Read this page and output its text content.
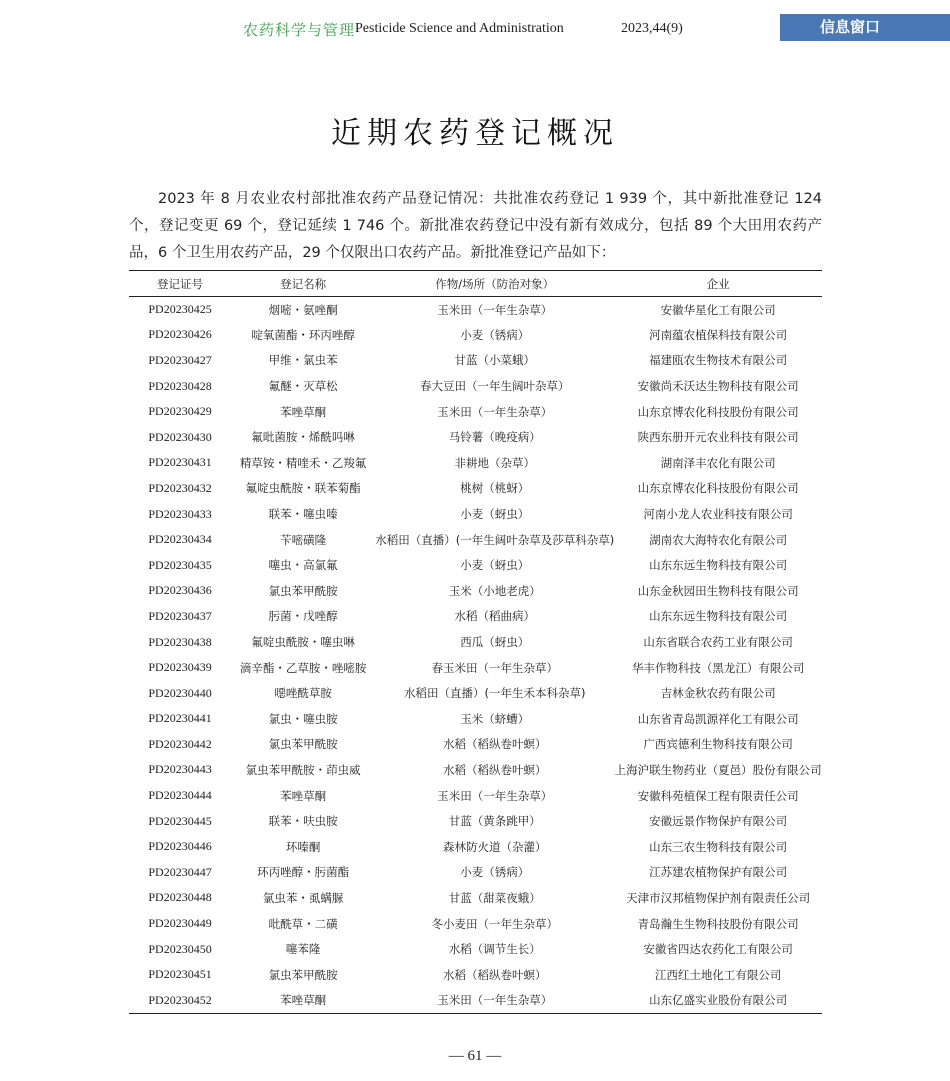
农药科学与管理 Pesticide Science and Administration	2023,44(9)	信息窗口
近期农药登记概况

2023 年 8 月农业农村部批准农药产品登记情况：共批准农药登记 1 939 个，其中新批准登记 124 个，登记变更 69 个，登记延续 1 746 个。新批准农药登记中没有新有效成分，包括 89 个大田用农药产品，6 个卫生用农药产品，29 个仅限出口农药产品。新批准登记产品如下：

登记证号	登记名称	作物/场所（防治对象）	企业
PD20230425	烟嘧・氨唑酮	玉米田（一年生杂草）	安徽华星化工有限公司
PD20230426	啶氧菌酯・环丙唑醇	小麦（锈病）	河南蕴农植保科技有限公司
PD20230427	甲维・氯虫苯	甘蓝（小菜蛾）	福建瓯农生物技术有限公司
PD20230428	氟醚・灭草松	春大豆田（一年生阔叶杂草）	安徽尚禾沃达生物科技有限公司
PD20230429	苯唑草酮	玉米田（一年生杂草）	山东京博农化科技股份有限公司
PD20230430	氟吡菌胺・烯酰吗啉	马铃薯（晚疫病）	陕西东册开元农业科技有限公司
PD20230431	精草铵・精喹禾・乙羧氟	非耕地（杂草）	湖南泽丰农化有限公司
PD20230432	氟啶虫酰胺・联苯菊酯	桃树（桃蚜）	山东京博农化科技股份有限公司
PD20230433	联苯・噻虫嗪	小麦（蚜虫）	河南小龙人农业科技有限公司
PD20230434	苄嘧磺隆	水稻田（直播）(一年生阔叶杂草及莎草科杂草)	湖南农大海特农化有限公司
PD20230435	噻虫・高氯氟	小麦（蚜虫）	山东东远生物科技有限公司
PD20230436	氯虫苯甲酰胺	玉米（小地老虎）	山东金秋园田生物科技有限公司
PD20230437	肟菌・戊唑醇	水稻（稻曲病）	山东东远生物科技有限公司
PD20230438	氟啶虫酰胺・噻虫啉	西瓜（蚜虫）	山东省联合农药工业有限公司
PD20230439	滴辛酯・乙草胺・唑嘧胺	春玉米田（一年生杂草）	华丰作物科技（黑龙江）有限公司
PD20230440	噁唑酰草胺	水稻田（直播）(一年生禾本科杂草)	吉林金秋农药有限公司
PD20230441	氯虫・噻虫胺	玉米（蛴螬）	山东省青岛凯源祥化工有限公司
PD20230442	氯虫苯甲酰胺	水稻（稻纵卷叶螟）	广西宾德利生物科技有限公司
PD20230443	氯虫苯甲酰胺・茚虫威	水稻（稻纵卷叶螟）	上海沪联生物药业（夏邑）股份有限公司
PD20230444	苯唑草酮	玉米田（一年生杂草）	安徽科苑植保工程有限责任公司
PD20230445	联苯・呋虫胺	甘蓝（黄条跳甲）	安徽远景作物保护有限公司
PD20230446	环嗪酮	森林防火道（杂灌）	山东三农生物科技有限公司
PD20230447	环丙唑醇・肟菌酯	小麦（锈病）	江苏建农植物保护有限公司
PD20230448	氯虫苯・虱螨脲	甘蓝（甜菜夜蛾）	天津市汉邦植物保护剂有限责任公司
PD20230449	吡酰草・二磺	冬小麦田（一年生杂草）	青岛瀚生生物科技股份有限公司
PD20230450	噻苯隆	水稻（调节生长）	安徽省四达农药化工有限公司
PD20230451	氯虫苯甲酰胺	水稻（稻纵卷叶螟）	江西红土地化工有限公司
PD20230452	苯唑草酮	玉米田（一年生杂草）	山东亿盛实业股份有限公司
— 61 —
